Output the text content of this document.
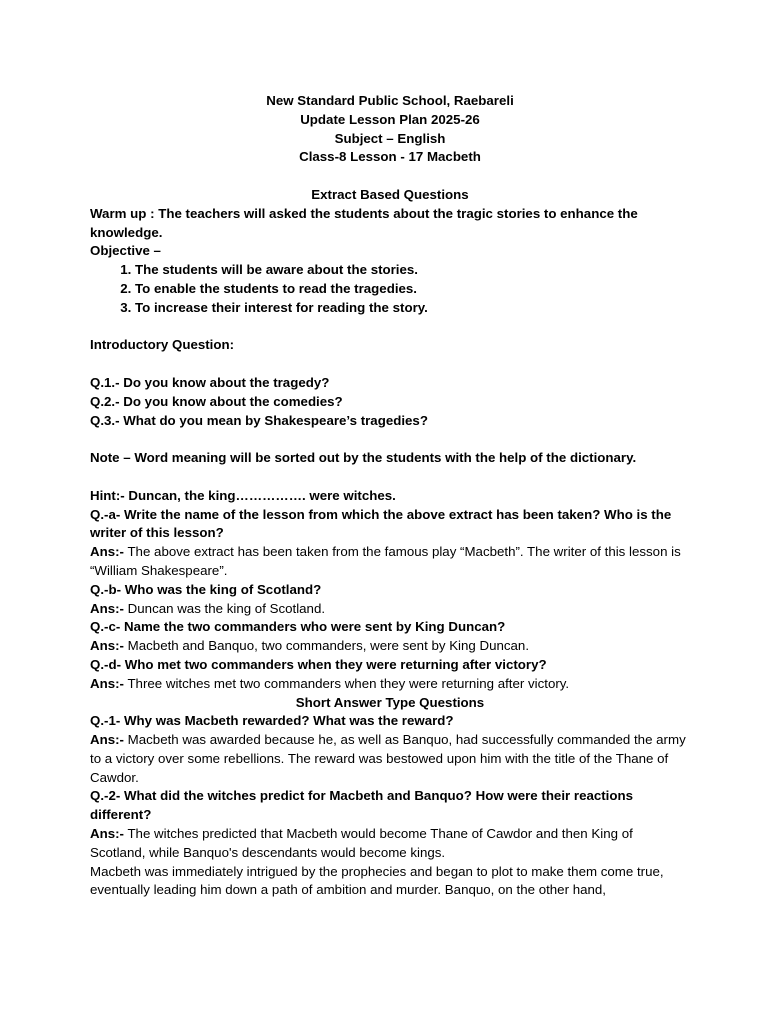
New Standard Public School, Raebareli

Update Lesson Plan 2025-26

Subject – English

Class-8 Lesson - 17 Macbeth

Extract Based Questions

Warm up : The teachers will asked the students about the tragic stories to enhance the knowledge.

Objective –

1. The students will be aware about the stories.
2. To enable the students to read the tragedies.
3. To increase their interest for reading the story.

Introductory Question:

Q.1.- Do you know about the tragedy?

Q.2.- Do you know about the comedies?

Q.3.- What do you mean by Shakespeare’s tragedies?

Note – Word meaning will be sorted out by the students with the help of the dictionary.

Hint:- Duncan, the king……………. were witches.

Q.-a- Write the name of the lesson from which the above extract has been taken? Who is the writer of this lesson?

Ans:- The above extract has been taken from the famous play “Macbeth”. The writer of this lesson is “William Shakespeare”.

Q.-b- Who was the king of Scotland?

Ans:- Duncan was the king of Scotland.

Q.-c- Name the two commanders who were sent by King Duncan?

Ans:- Macbeth and Banquo, two commanders, were sent by King Duncan.

Q.-d- Who met two commanders when they were returning after victory?

Ans:- Three witches met two commanders when they were returning after victory.

Short Answer Type Questions

Q.-1- Why was Macbeth rewarded? What was the reward?

Ans:- Macbeth was awarded because he, as well as Banquo, had successfully commanded the army to a victory over some rebellions. The reward was bestowed upon him with the title of the Thane of Cawdor.

Q.-2- What did the witches predict for Macbeth and Banquo? How were their reactions different?

Ans:- The witches predicted that Macbeth would become Thane of Cawdor and then King of Scotland, while Banquo's descendants would become kings.

Macbeth was immediately intrigued by the prophecies and began to plot to make them come true, eventually leading him down a path of ambition and murder. Banquo, on the other hand,
